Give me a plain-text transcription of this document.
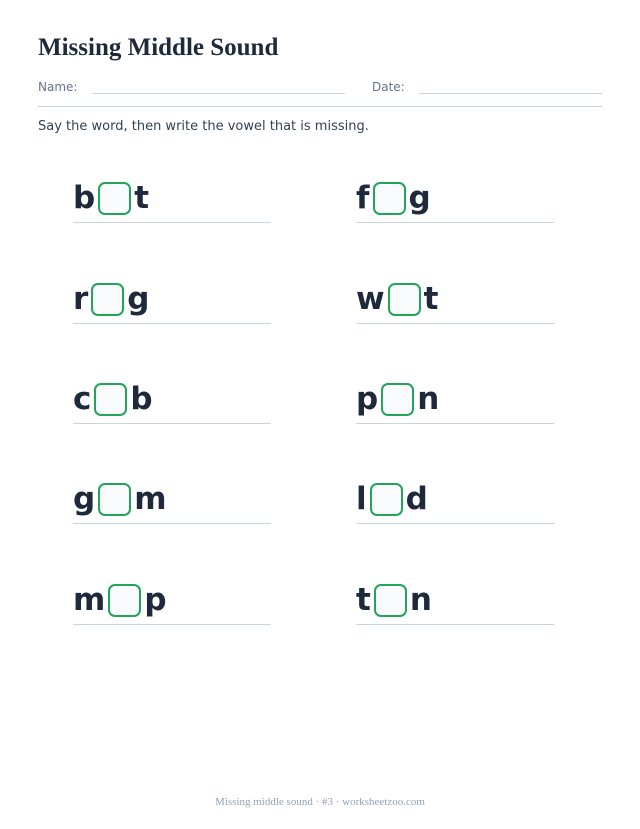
Missing Middle Sound
Name:	Date:
Say the word, then write the vowel that is missing.
b t	f g
r g	w t
c b	p n
g m	l d
m p	t n
Missing middle sound · #3 · worksheetzoo.com
